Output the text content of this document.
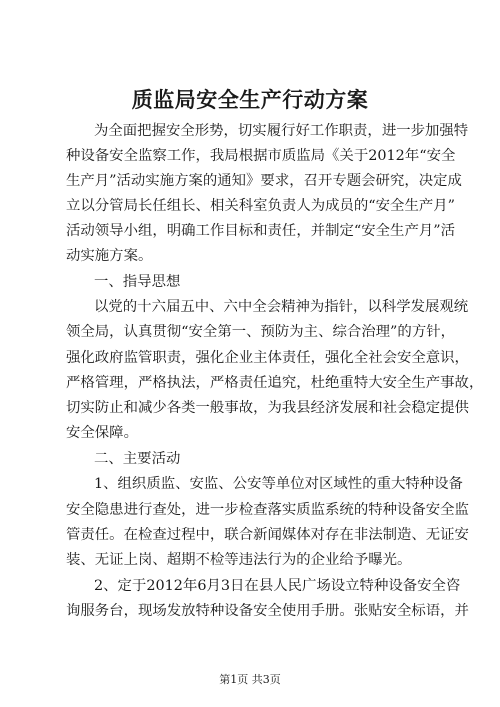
质监局安全生产行动方案
为全面把握安全形势，切实履行好工作职责，进一步加强特
种设备安全监察工作，我局根据市质监局《关于2012年“安全
生产月”活动实施方案的通知》要求，召开专题会研究，决定成
立以分管局长任组长、相关科室负责人为成员的“安全生产月”
活动领导小组，明确工作目标和责任，并制定“安全生产月”活
动实施方案。
一、指导思想
以党的十六届五中、六中全会精神为指针，以科学发展观统
领全局，认真贯彻“安全第一、预防为主、综合治理”的方针，
强化政府监管职责，强化企业主体责任，强化全社会安全意识，
严格管理，严格执法，严格责任追究，杜绝重特大安全生产事故，
切实防止和减少各类一般事故，为我县经济发展和社会稳定提供
安全保障。
二、主要活动
1、组织质监、安监、公安等单位对区域性的重大特种设备
安全隐患进行查处，进一步检查落实质监系统的特种设备安全监
管责任。在检查过程中，联合新闻媒体对存在非法制造、无证安
装、无证上岗、超期不检等违法行为的企业给予曝光。
2、定于2012年6月3日在县人民广场设立特种设备安全咨
询服务台，现场发放特种设备安全使用手册。张贴安全标语，并
第1页 共3页
